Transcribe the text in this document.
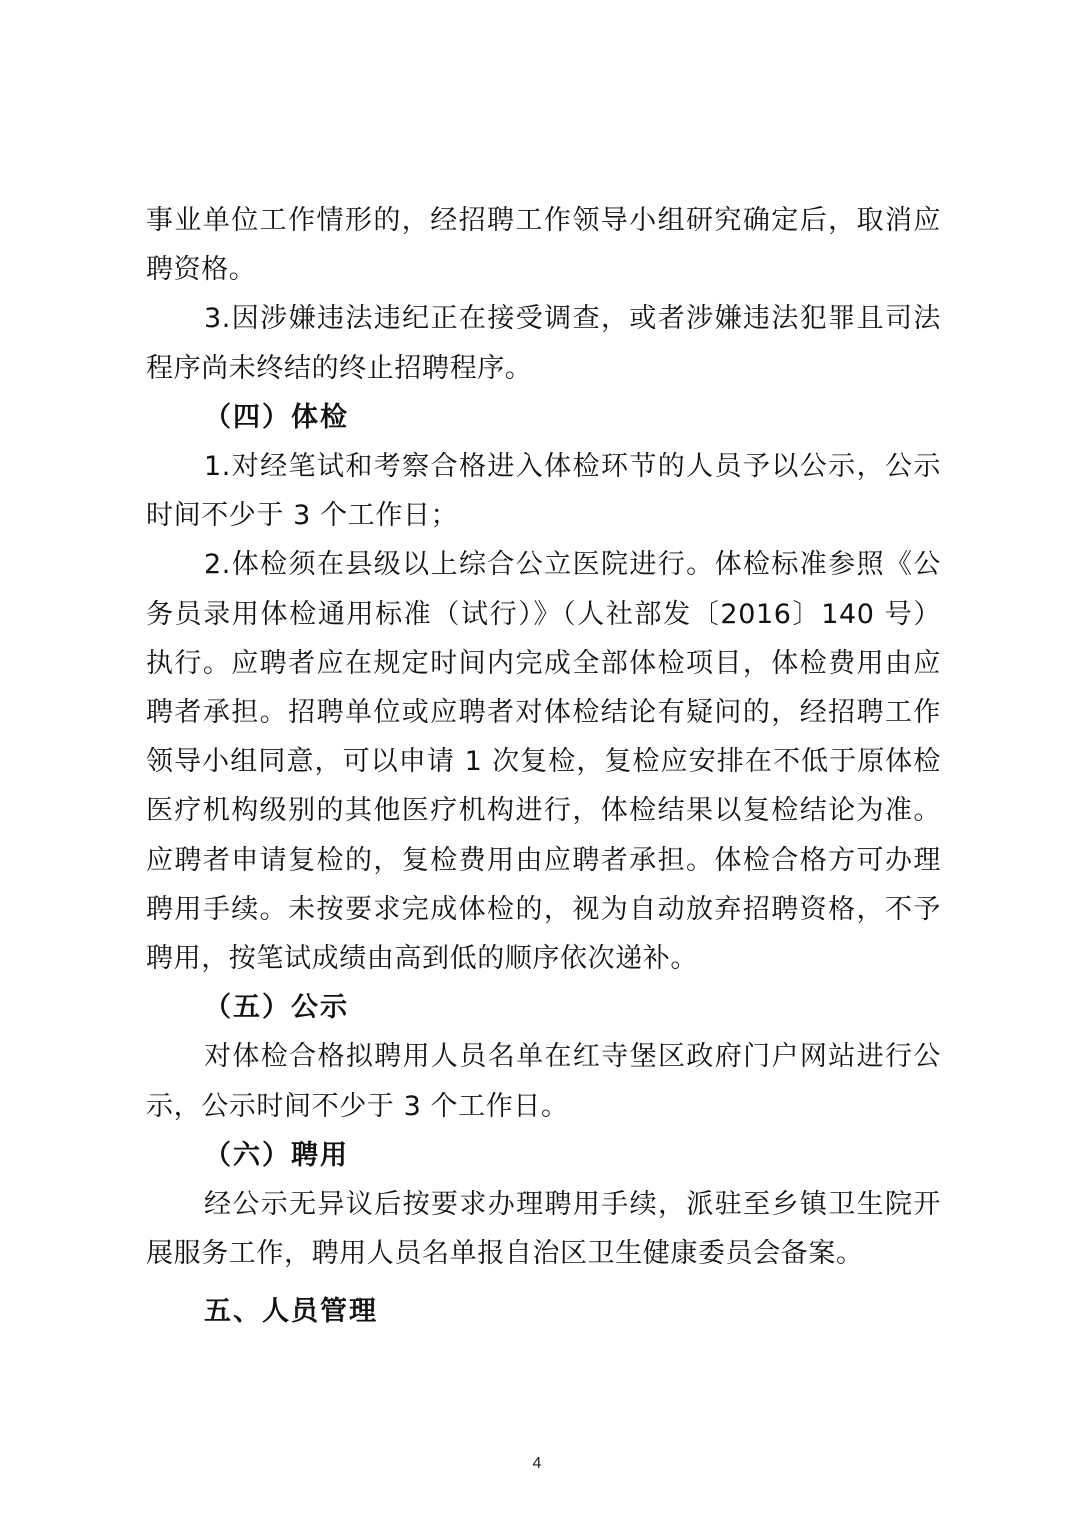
事业单位工作情形的，经招聘工作领导小组研究确定后，取消应聘资格。

3.因涉嫌违法违纪正在接受调查，或者涉嫌违法犯罪且司法程序尚未终结的终止招聘程序。

（四）体检

1.对经笔试和考察合格进入体检环节的人员予以公示，公示时间不少于 3 个工作日；

2.体检须在县级以上综合公立医院进行。体检标准参照《公务员录用体检通用标准（试行）》（人社部发〔2016〕140 号）执行。应聘者应在规定时间内完成全部体检项目，体检费用由应聘者承担。招聘单位或应聘者对体检结论有疑问的，经招聘工作领导小组同意，可以申请 1 次复检，复检应安排在不低于原体检医疗机构级别的其他医疗机构进行，体检结果以复检结论为准。应聘者申请复检的，复检费用由应聘者承担。体检合格方可办理聘用手续。未按要求完成体检的，视为自动放弃招聘资格，不予聘用，按笔试成绩由高到低的顺序依次递补。

（五）公示

对体检合格拟聘用人员名单在红寺堡区政府门户网站进行公示，公示时间不少于 3 个工作日。

（六）聘用

经公示无异议后按要求办理聘用手续，派驻至乡镇卫生院开展服务工作，聘用人员名单报自治区卫生健康委员会备案。

五、人员管理

4
